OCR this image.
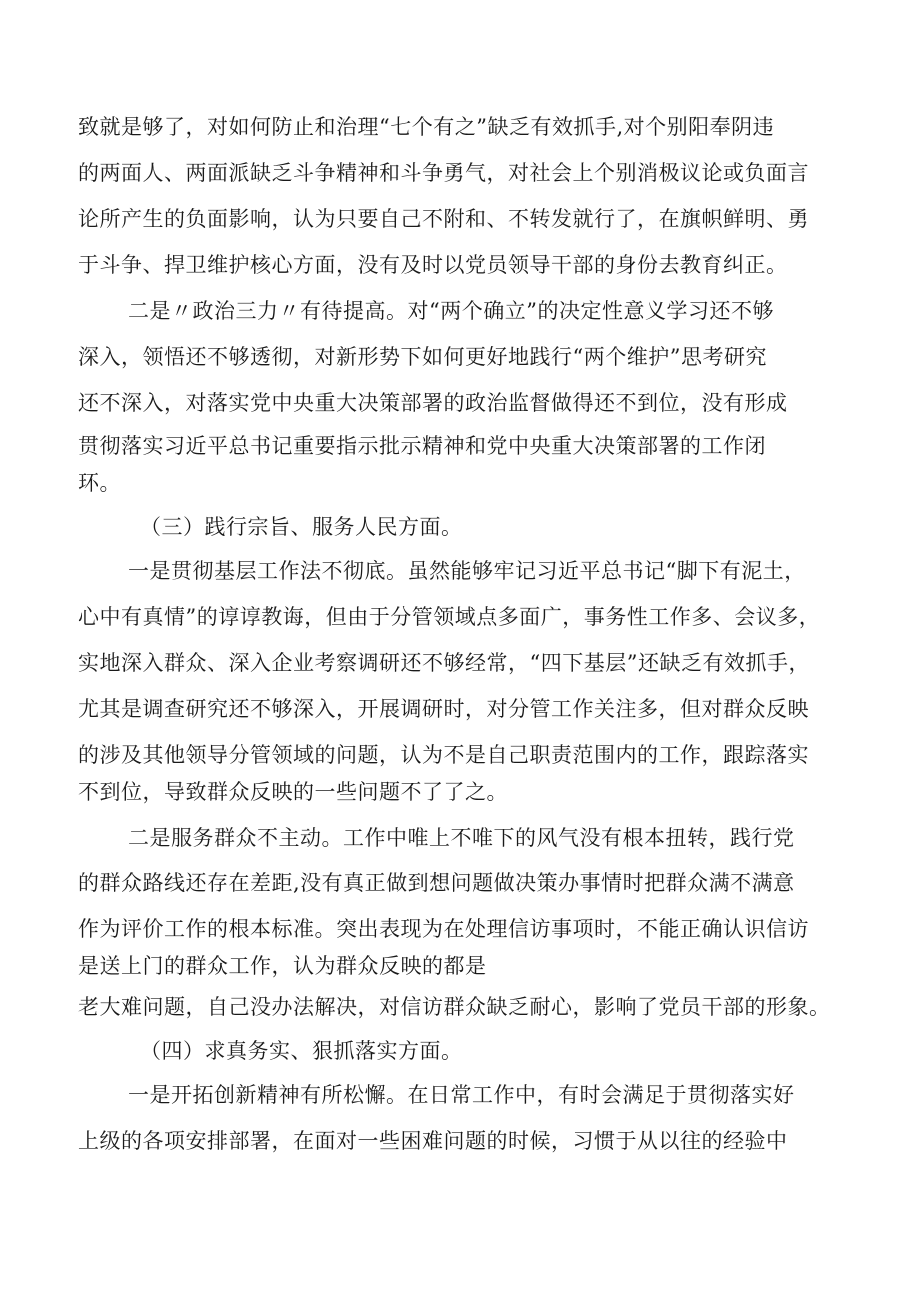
致就是够了，对如何防止和治理“七个有之”缺乏有效抓手,对个别阳奉阴违
的两面人、两面派缺乏斗争精神和斗争勇气，对社会上个别消极议论或负面言
论所产生的负面影响，认为只要自己不附和、不转发就行了，在旗帜鲜明、勇
于斗争、捍卫维护核心方面，没有及时以党员领导干部的身份去教育纠正。
二是〃政治三力〃有待提高。对“两个确立”的决定性意义学习还不够
深入，领悟还不够透彻，对新形势下如何更好地践行“两个维护”思考研究
还不深入，对落实党中央重大决策部署的政治监督做得还不到位，没有形成
贯彻落实习近平总书记重要指示批示精神和党中央重大决策部署的工作闭
环。
（三）践行宗旨、服务人民方面。
一是贯彻基层工作法不彻底。虽然能够牢记习近平总书记“脚下有泥土，
心中有真情”的谆谆教诲，但由于分管领域点多面广，事务性工作多、会议多，
实地深入群众、深入企业考察调研还不够经常，“四下基层”还缺乏有效抓手，
尤其是调查研究还不够深入，开展调研时，对分管工作关注多，但对群众反映
的涉及其他领导分管领域的问题，认为不是自己职责范围内的工作，跟踪落实
不到位，导致群众反映的一些问题不了了之。
二是服务群众不主动。工作中唯上不唯下的风气没有根本扭转，践行党
的群众路线还存在差距,没有真正做到想问题做决策办事情时把群众满不满意
作为评价工作的根本标准。突出表现为在处理信访事项时，不能正确认识信访
是送上门的群众工作，认为群众反映的都是
老大难问题，自己没办法解决，对信访群众缺乏耐心，影响了党员干部的形象。
（四）求真务实、狠抓落实方面。
一是开拓创新精神有所松懈。在日常工作中，有时会满足于贯彻落实好
上级的各项安排部署，在面对一些困难问题的时候，习惯于从以往的经验中
